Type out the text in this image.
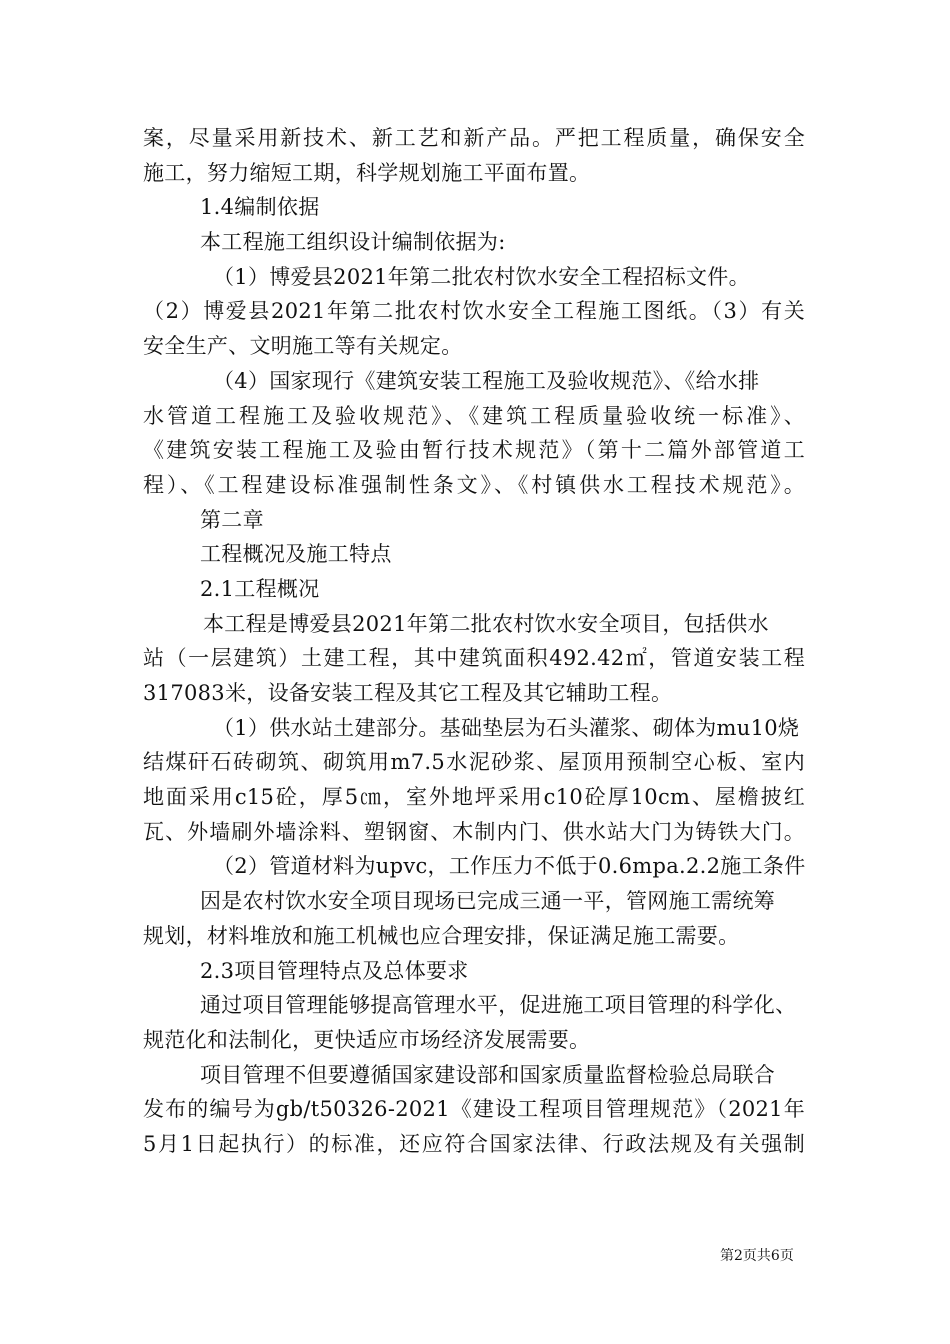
案，尽量采用新技术、新工艺和新产品。严把工程质量，确保安全
施工，努力缩短工期，科学规划施工平面布置。
1.4编制依据
本工程施工组织设计编制依据为:
（1）博爱县2021年第二批农村饮水安全工程招标文件。
（2）博爱县2021年第二批农村饮水安全工程施工图纸。（3）有关
安全生产、文明施工等有关规定。
（4）国家现行《建筑安装工程施工及验收规范》、《给水排
水管道工程施工及验收规范》、《建筑工程质量验收统一标准》、
《建筑安装工程施工及验由暂行技术规范》（第十二篇外部管道工
程）、《工程建设标准强制性条文》、《村镇供水工程技术规范》。
第二章
工程概况及施工特点
2.1工程概况
本工程是博爱县2021年第二批农村饮水安全项目，包括供水
站（一层建筑）土建工程，其中建筑面积492.42㎡，管道安装工程
317083米，设备安装工程及其它工程及其它辅助工程。
（1）供水站土建部分。基础垫层为石头灌浆、砌体为mu10烧
结煤矸石砖砌筑、砌筑用m7.5水泥砂浆、屋顶用预制空心板、室内
地面采用c15砼，厚5㎝，室外地坪采用c10砼厚10cm、屋檐披红
瓦、外墙刷外墙涂料、塑钢窗、木制内门、供水站大门为铸铁大门。
（2）管道材料为upvc，工作压力不低于0.6mpa.2.2施工条件
因是农村饮水安全项目现场已完成三通一平，管网施工需统筹
规划，材料堆放和施工机械也应合理安排，保证满足施工需要。
2.3项目管理特点及总体要求
通过项目管理能够提高管理水平，促进施工项目管理的科学化、
规范化和法制化，更快适应市场经济发展需要。
项目管理不但要遵循国家建设部和国家质量监督检验总局联合
发布的编号为gb/t50326-2021《建设工程项目管理规范》（2021年
5月1日起执行）的标准，还应符合国家法律、行政法规及有关强制
第2页共6页
